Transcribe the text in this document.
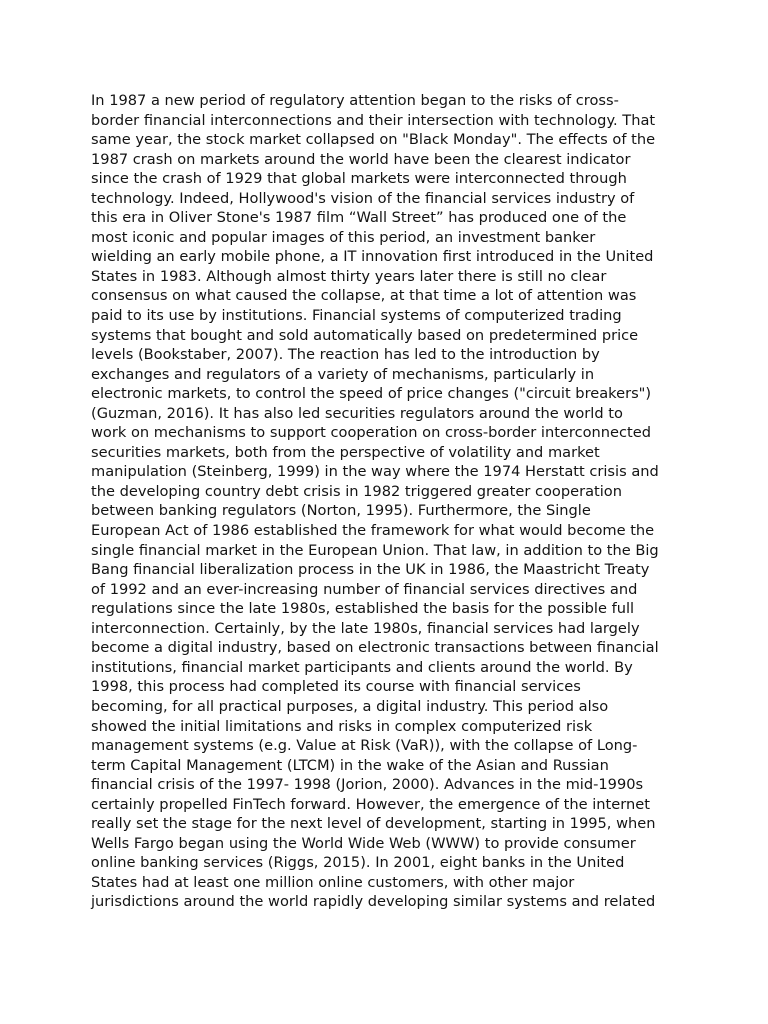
In 1987 a new period of regulatory attention began to the risks of cross-
border financial interconnections and their intersection with technology. That
same year, the stock market collapsed on "Black Monday". The effects of the
1987 crash on markets around the world have been the clearest indicator
since the crash of 1929 that global markets were interconnected through
technology. Indeed, Hollywood's vision of the financial services industry of
this era in Oliver Stone's 1987 film “Wall Street” has produced one of the
most iconic and popular images of this period, an investment banker
wielding an early mobile phone, a IT innovation first introduced in the United
States in 1983. Although almost thirty years later there is still no clear
consensus on what caused the collapse, at that time a lot of attention was
paid to its use by institutions. Financial systems of computerized trading
systems that bought and sold automatically based on predetermined price
levels (Bookstaber, 2007). The reaction has led to the introduction by
exchanges and regulators of a variety of mechanisms, particularly in
electronic markets, to control the speed of price changes ("circuit breakers")
(Guzman, 2016). It has also led securities regulators around the world to
work on mechanisms to support cooperation on cross-border interconnected
securities markets, both from the perspective of volatility and market
manipulation (Steinberg, 1999) in the way where the 1974 Herstatt crisis and
the developing country debt crisis in 1982 triggered greater cooperation
between banking regulators (Norton, 1995). Furthermore, the Single
European Act of 1986 established the framework for what would become the
single financial market in the European Union. That law, in addition to the Big
Bang financial liberalization process in the UK in 1986, the Maastricht Treaty
of 1992 and an ever-increasing number of financial services directives and
regulations since the late 1980s, established the basis for the possible full
interconnection. Certainly, by the late 1980s, financial services had largely
become a digital industry, based on electronic transactions between financial
institutions, financial market participants and clients around the world. By
1998, this process had completed its course with financial services
becoming, for all practical purposes, a digital industry. This period also
showed the initial limitations and risks in complex computerized risk
management systems (e.g. Value at Risk (VaR)), with the collapse of Long-
term Capital Management (LTCM) in the wake of the Asian and Russian
financial crisis of the 1997- 1998 (Jorion, 2000). Advances in the mid-1990s
certainly propelled FinTech forward. However, the emergence of the internet
really set the stage for the next level of development, starting in 1995, when
Wells Fargo began using the World Wide Web (WWW) to provide consumer
online banking services (Riggs, 2015). In 2001, eight banks in the United
States had at least one million online customers, with other major
jurisdictions around the world rapidly developing similar systems and related
